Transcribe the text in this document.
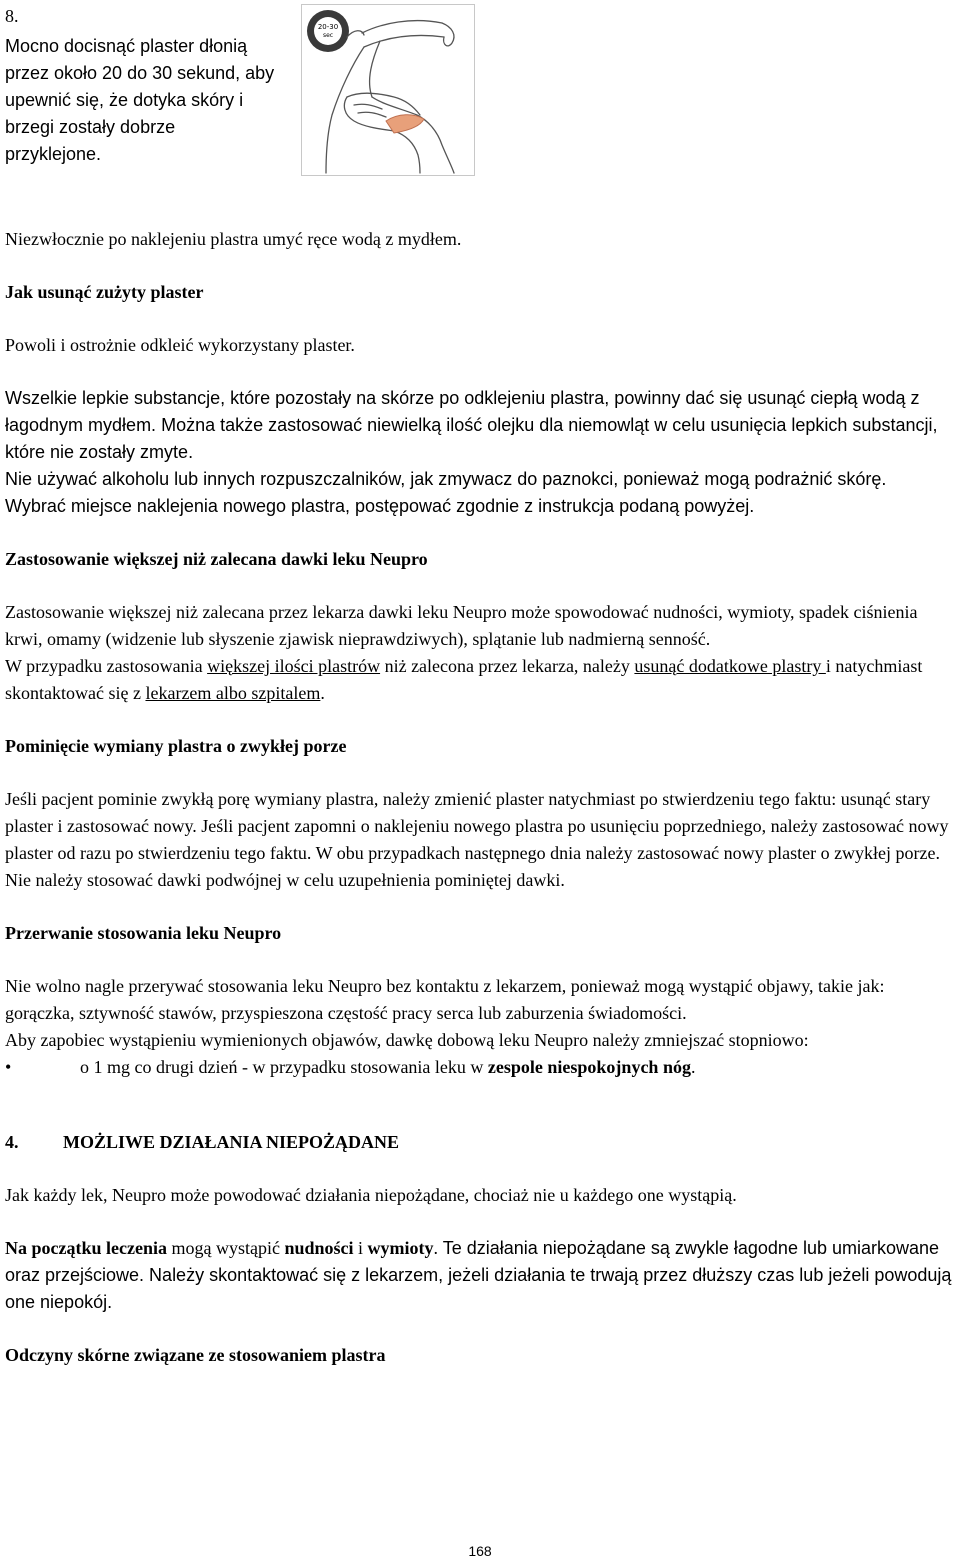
8.

Mocno docisnąć plaster dłonią przez około 20 do 30 sekund, aby upewnić się, że dotyka skóry i brzegi zostały dobrze przyklejone.

20-30
sec

Niezwłocznie po naklejeniu plastra umyć ręce wodą z mydłem.

Jak usunąć zużyty plaster

Powoli i ostrożnie odkleić wykorzystany plaster.

Wszelkie lepkie substancje, które pozostały na skórze po odklejeniu plastra, powinny dać się usunąć ciepłą wodą z łagodnym mydłem. Można także zastosować niewielką ilość olejku dla niemowląt w celu usunięcia lepkich substancji, które nie zostały zmyte.

Nie używać alkoholu lub innych rozpuszczalników, jak zmywacz do paznokci, ponieważ mogą podrażnić skórę.

Wybrać miejsce naklejenia nowego plastra, postępować zgodnie z instrukcja podaną powyżej.

Zastosowanie większej niż zalecana dawki leku Neupro

Zastosowanie większej niż zalecana przez lekarza dawki leku Neupro może spowodować nudności, wymioty, spadek ciśnienia krwi, omamy (widzenie lub słyszenie zjawisk nieprawdziwych), splątanie lub nadmierną senność.

W przypadku zastosowania większej ilości plastrów niż zalecona przez lekarza, należy usunąć dodatkowe plastry i natychmiast skontaktować się z lekarzem albo szpitalem.

Pominięcie wymiany plastra o zwykłej porze

Jeśli pacjent pominie zwykłą porę wymiany plastra, należy zmienić plaster natychmiast po stwierdzeniu tego faktu: usunąć stary plaster i zastosować nowy. Jeśli pacjent zapomni o naklejeniu nowego plastra po usunięciu poprzedniego, należy zastosować nowy plaster od razu po stwierdzeniu tego faktu. W obu przypadkach następnego dnia należy zastosować nowy plaster o zwykłej porze. Nie należy stosować dawki podwójnej w celu uzupełnienia pominiętej dawki.

Przerwanie stosowania leku Neupro

Nie wolno nagle przerywać stosowania leku Neupro bez kontaktu z lekarzem, ponieważ mogą wystąpić objawy, takie jak: gorączka, sztywność stawów, przyspieszona częstość pracy serca lub zaburzenia świadomości.

Aby zapobiec wystąpieniu wymienionych objawów, dawkę dobową leku Neupro należy zmniejszać stopniowo:

•	o 1 mg co drugi dzień - w przypadku stosowania leku w zespole niespokojnych nóg.
4. MOŻLIWE DZIAŁANIA NIEPOŻĄDANE

Jak każdy lek, Neupro może powodować działania niepożądane, chociaż nie u każdego one wystąpią.

Na początku leczenia mogą wystąpić nudności i wymioty. Te działania niepożądane są zwykle łagodne lub umiarkowane oraz przejściowe. Należy skontaktować się z lekarzem, jeżeli działania te trwają przez dłuższy czas lub jeżeli powodują one niepokój.

Odczyny skórne związane ze stosowaniem plastra
168
